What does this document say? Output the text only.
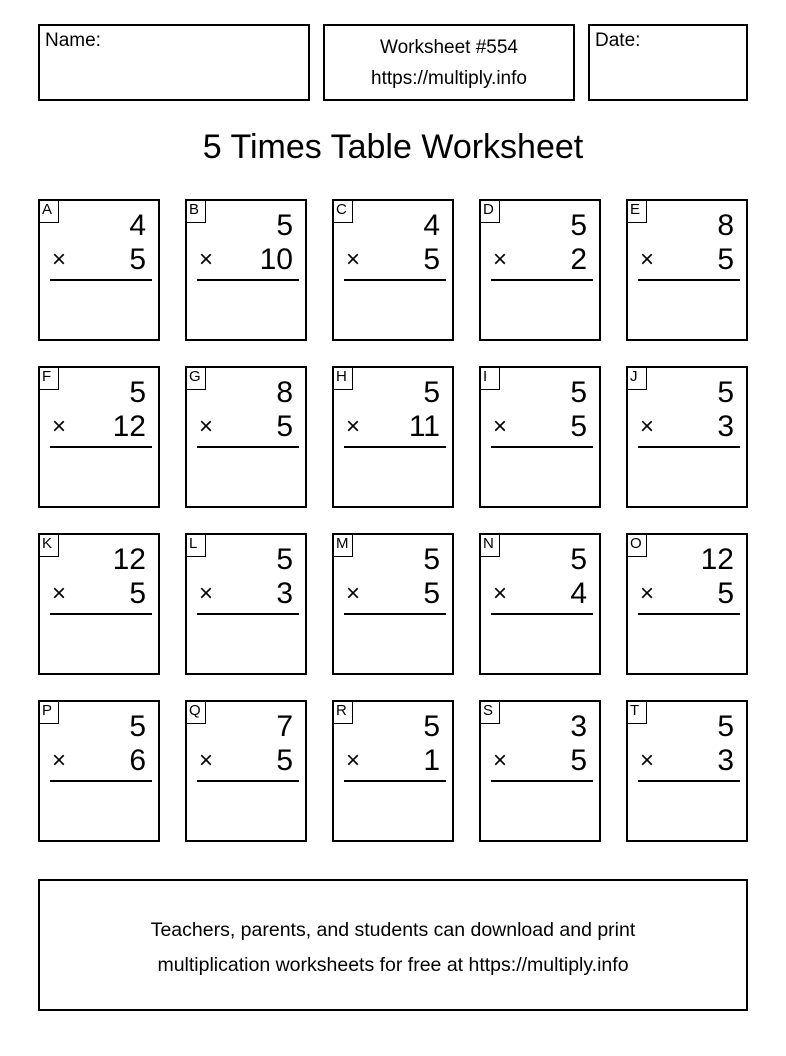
Name:	Worksheet #554
https://multiply.info
Date:
5 Times Table Worksheet
A	4
× 5
B	5
× 10
C	4
× 5
D	5
× 2
E	8
× 5
F	5
× 12
G	8
× 5
H	5
× 11
I	5
× 5
J	5
× 3
K 12
× 5
L	5
× 3
M 5
× 5
N	5
× 4
O 12
× 5
P	5
× 6
Q	7
× 5
R	5
× 1
S	3
× 5
T	5
× 3
Teachers, parents, and students can download and print
multiplication worksheets for free at https://multiply.info
